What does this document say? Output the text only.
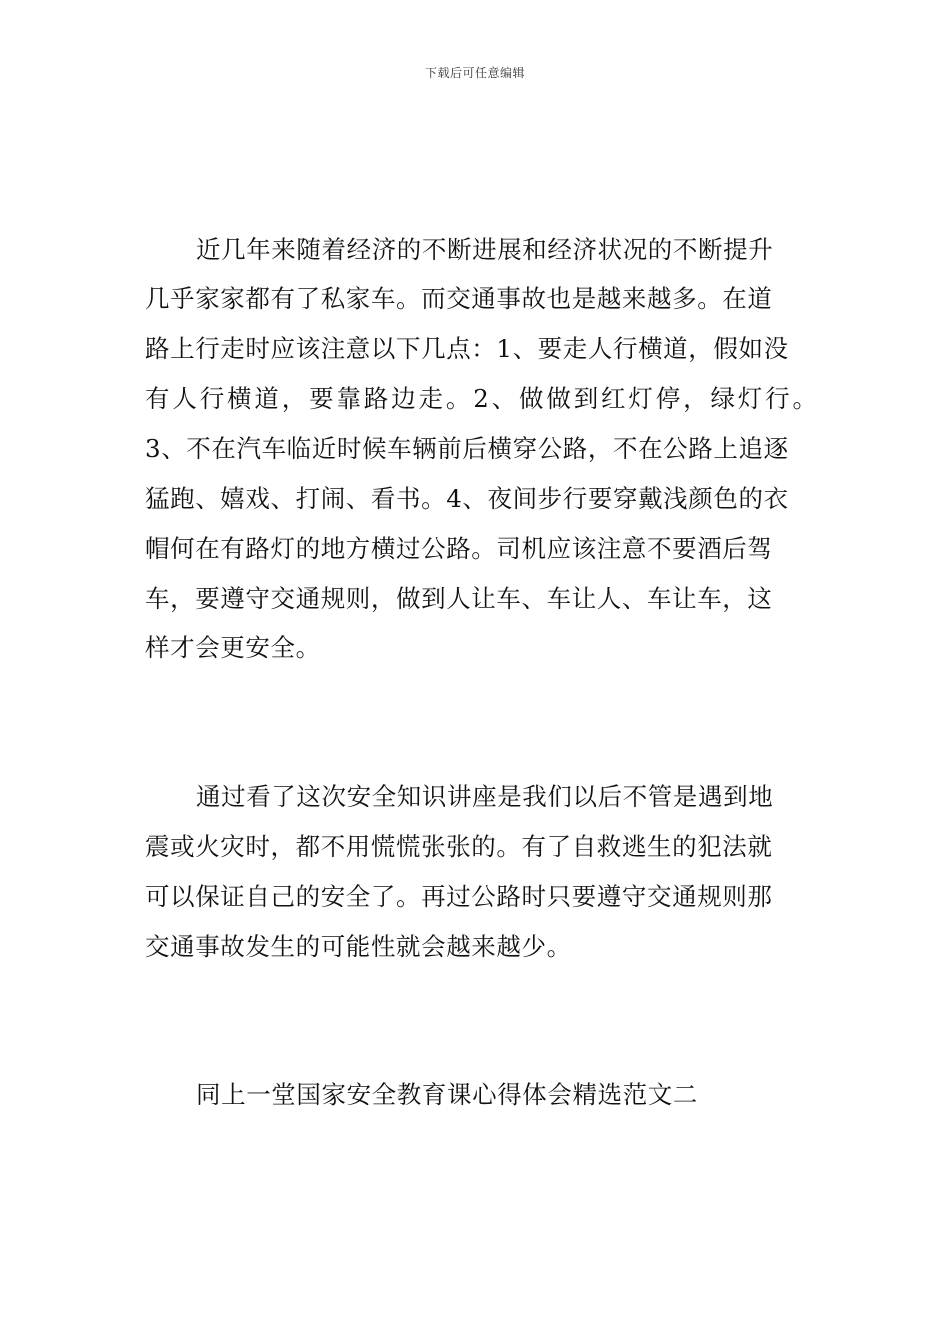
下载后可任意编辑
近几年来随着经济的不断进展和经济状况的不断提升
几乎家家都有了私家车。而交通事故也是越来越多。在道
路上行走时应该注意以下几点：1、要走人行横道，假如没
有人行横道，要靠路边走。2、做做到红灯停，绿灯行。
3、不在汽车临近时候车辆前后横穿公路，不在公路上追逐
猛跑、嬉戏、打闹、看书。4、夜间步行要穿戴浅颜色的衣
帽何在有路灯的地方横过公路。司机应该注意不要酒后驾
车，要遵守交通规则，做到人让车、车让人、车让车，这
样才会更安全。
通过看了这次安全知识讲座是我们以后不管是遇到地
震或火灾时，都不用慌慌张张的。有了自救逃生的犯法就
可以保证自己的安全了。再过公路时只要遵守交通规则那
交通事故发生的可能性就会越来越少。
同上一堂国家安全教育课心得体会精选范文二
